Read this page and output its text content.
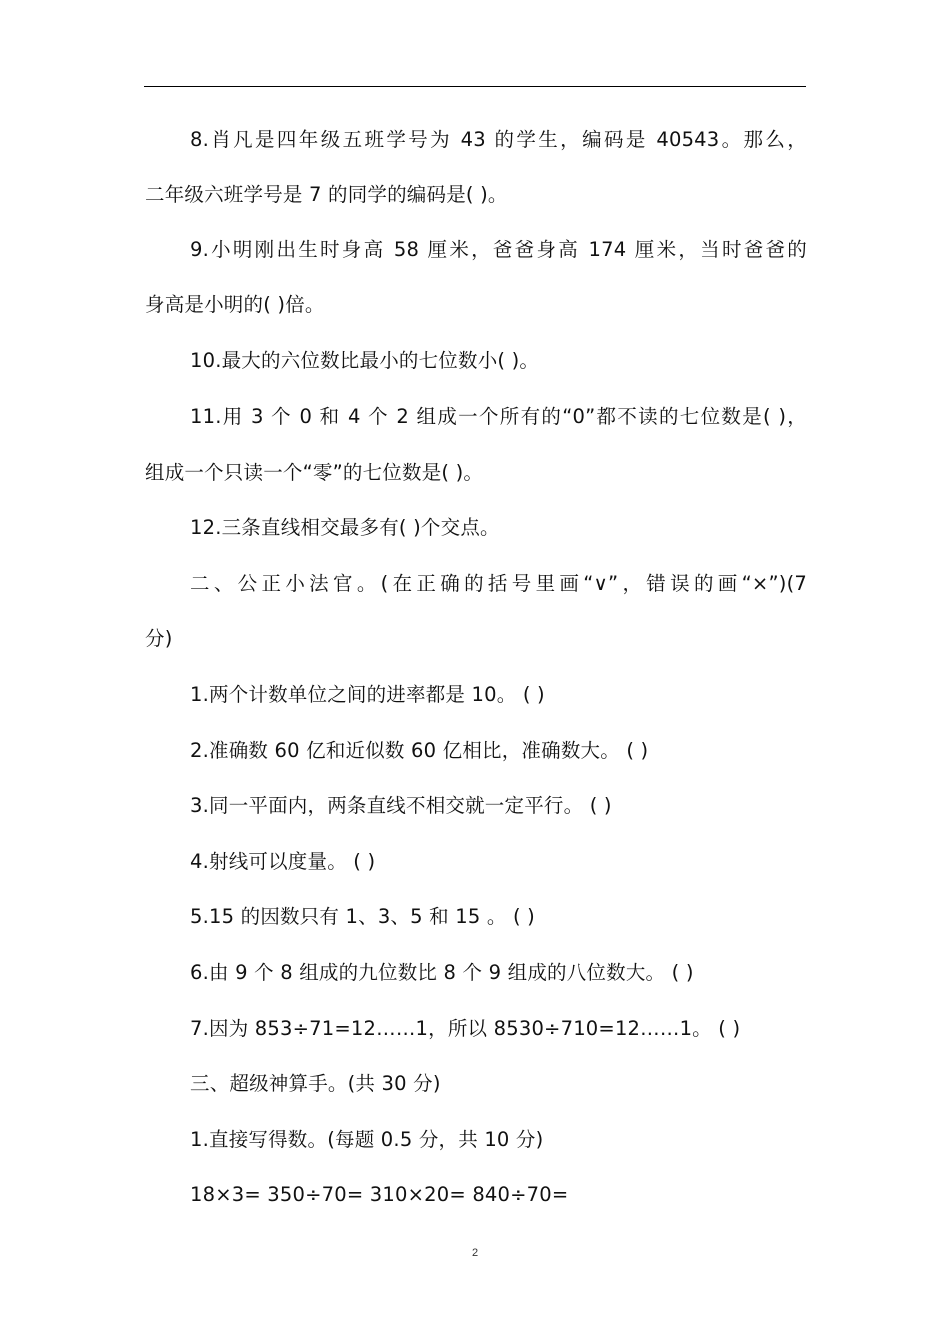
8.肖凡是四年级五班学号为 43 的学生，编码是 40543。那么，
二年级六班学号是 7 的同学的编码是( )。
9.小明刚出生时身高 58 厘米，爸爸身高 174 厘米，当时爸爸的
身高是小明的( )倍。
10.最大的六位数比最小的七位数小( )。
11.用 3 个 0 和 4 个 2 组成一个所有的“0”都不读的七位数是( )，
组成一个只读一个“零”的七位数是( )。
12.三条直线相交最多有( )个交点。
二、公正小法官。(在正确的括号里画“∨”，错误的画“×”)(7
分)
1.两个计数单位之间的进率都是 10。 ( )
2.准确数 60 亿和近似数 60 亿相比，准确数大。 ( )
3.同一平面内，两条直线不相交就一定平行。 ( )
4.射线可以度量。 ( )
5.15 的因数只有 1、3、5 和 15 。 ( )
6.由 9 个 8 组成的九位数比 8 个 9 组成的八位数大。 ( )
7.因为 853÷71=12……1，所以 8530÷710=12……1。 ( )
三、超级神算手。(共 30 分)
1.直接写得数。(每题 0.5 分，共 10 分)
18×3= 350÷70= 310×20= 840÷70=
2
